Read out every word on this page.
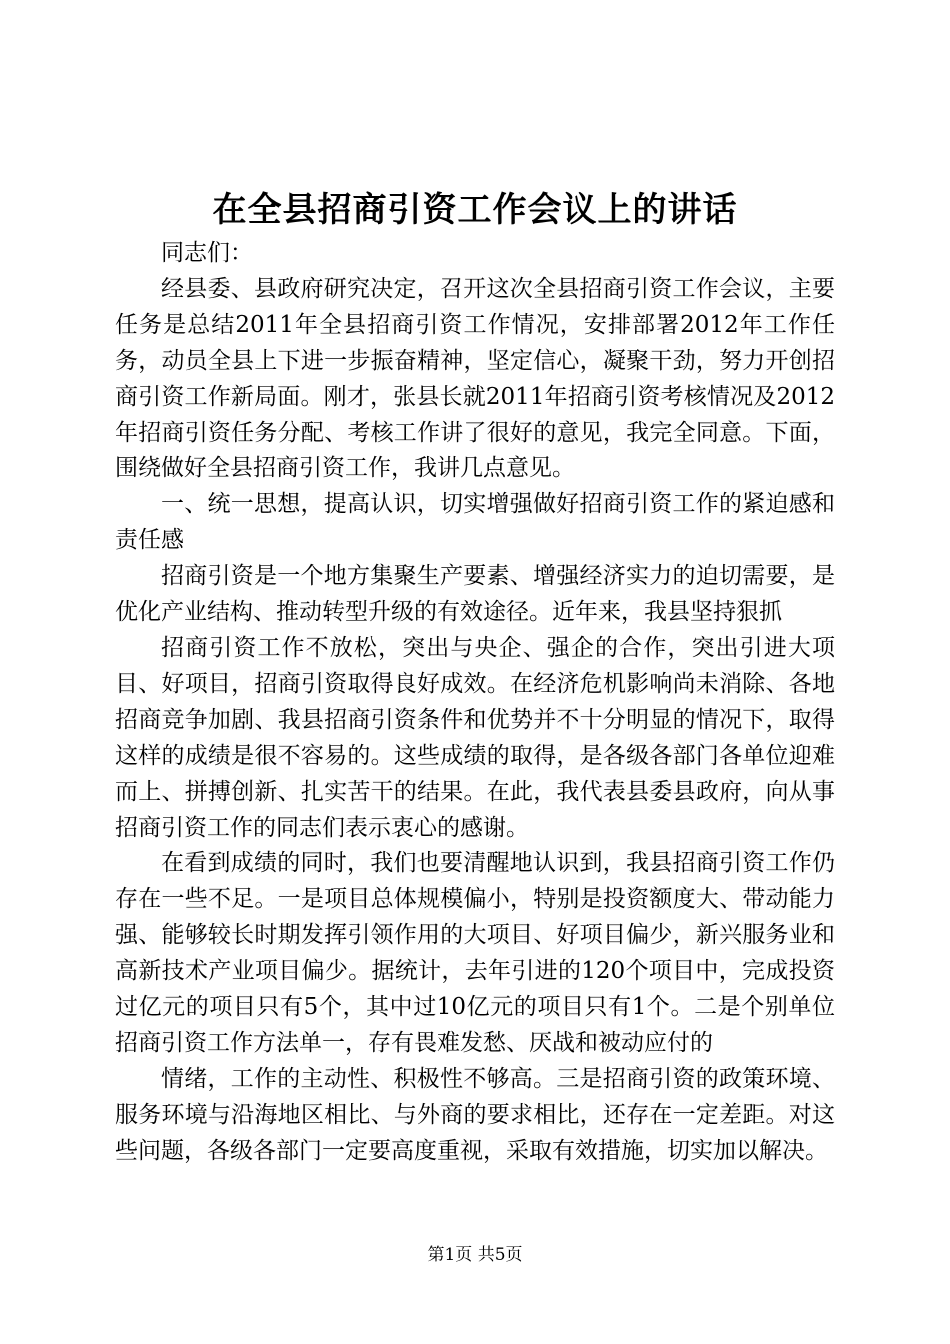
在全县招商引资工作会议上的讲话

同志们：

经县委、县政府研究决定，召开这次全县招商引资工作会议，主要任务是总结2011年全县招商引资工作情况，安排部署2012年工作任务，动员全县上下进一步振奋精神，坚定信心，凝聚干劲，努力开创招商引资工作新局面。刚才，张县长就2011年招商引资考核情况及2012年招商引资任务分配、考核工作讲了很好的意见，我完全同意。下面，围绕做好全县招商引资工作，我讲几点意见。

一、统一思想，提高认识，切实增强做好招商引资工作的紧迫感和责任感

招商引资是一个地方集聚生产要素、增强经济实力的迫切需要，是优化产业结构、推动转型升级的有效途径。近年来，我县坚持狠抓

招商引资工作不放松，突出与央企、强企的合作，突出引进大项目、好项目，招商引资取得良好成效。在经济危机影响尚未消除、各地招商竞争加剧、我县招商引资条件和优势并不十分明显的情况下，取得这样的成绩是很不容易的。这些成绩的取得，是各级各部门各单位迎难而上、拼搏创新、扎实苦干的结果。在此，我代表县委县政府，向从事招商引资工作的同志们表示衷心的感谢。

在看到成绩的同时，我们也要清醒地认识到，我县招商引资工作仍存在一些不足。一是项目总体规模偏小，特别是投资额度大、带动能力强、能够较长时期发挥引领作用的大项目、好项目偏少，新兴服务业和高新技术产业项目偏少。据统计，去年引进的120个项目中，完成投资过亿元的项目只有5个，其中过10亿元的项目只有1个。二是个别单位招商引资工作方法单一，存有畏难发愁、厌战和被动应付的

情绪，工作的主动性、积极性不够高。三是招商引资的政策环境、服务环境与沿海地区相比、与外商的要求相比，还存在一定差距。对这些问题，各级各部门一定要高度重视，采取有效措施，切实加以解决。

第1页 共5页
